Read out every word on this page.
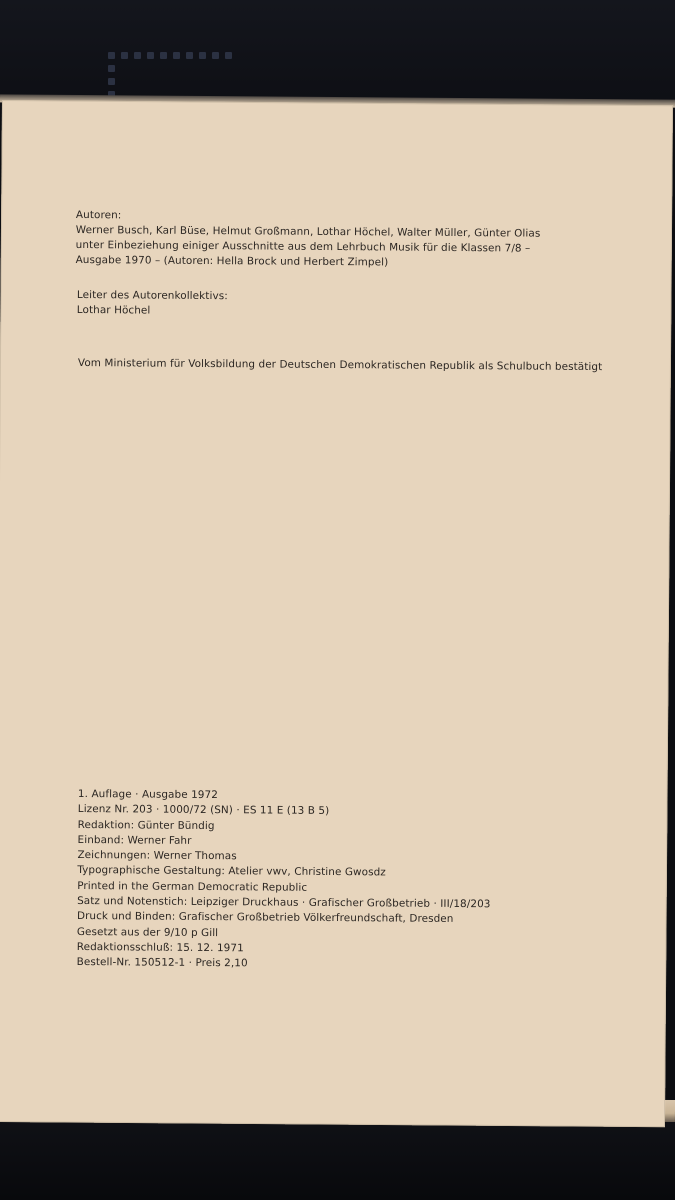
Autoren:
Werner Busch, Karl Büse, Helmut Großmann, Lothar Höchel, Walter Müller, Günter Olias
unter Einbeziehung einiger Ausschnitte aus dem Lehrbuch Musik für die Klassen 7/8 –
Ausgabe 1970 – (Autoren: Hella Brock und Herbert Zimpel)
Leiter des Autorenkollektivs:
Lothar Höchel
Vom Ministerium für Volksbildung der Deutschen Demokratischen Republik als Schulbuch bestätigt
1. Auflage · Ausgabe 1972
Lizenz Nr. 203 · 1000/72 (SN) · ES 11 E (13 B 5)
Redaktion: Günter Bündig
Einband: Werner Fahr
Zeichnungen: Werner Thomas
Typographische Gestaltung: Atelier vwv, Christine Gwosdz
Printed in the German Democratic Republic
Satz und Notenstich: Leipziger Druckhaus · Grafischer Großbetrieb · III/18/203
Druck und Binden: Grafischer Großbetrieb Völkerfreundschaft, Dresden
Gesetzt aus der 9/10 p Gill
Redaktionsschluß: 15. 12. 1971
Bestell-Nr. 150512-1 · Preis 2,10
